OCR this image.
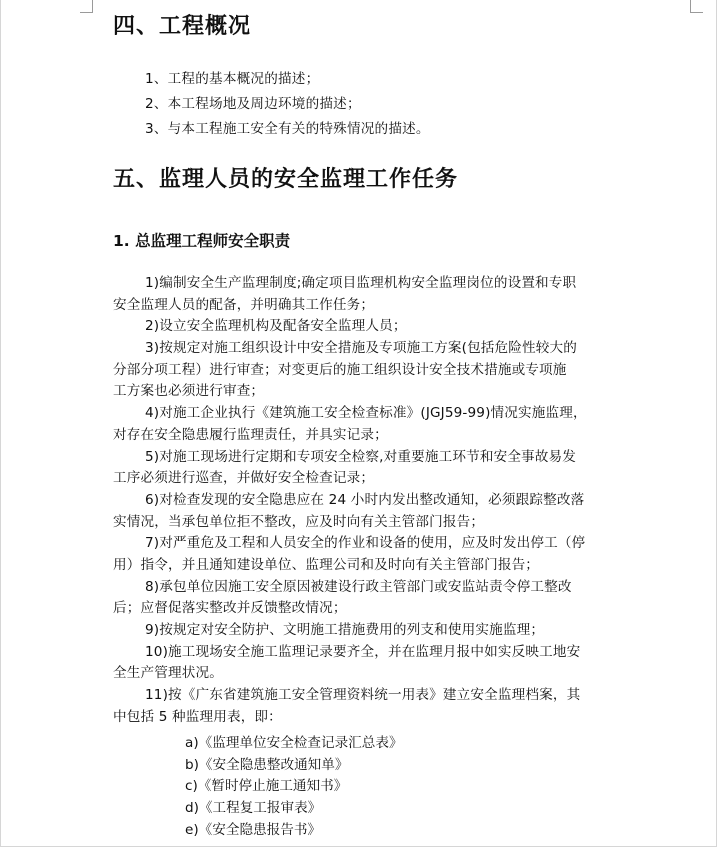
四、工程概况
1、工程的基本概况的描述；
2、本工程场地及周边环境的描述；
3、与本工程施工安全有关的特殊情况的描述。
五、监理人员的安全监理工作任务
1. 总监理工程师安全职责
1)编制安全生产监理制度;确定项目监理机构安全监理岗位的设置和专职
安全监理人员的配备，并明确其工作任务；
2)设立安全监理机构及配备安全监理人员；
3)按规定对施工组织设计中安全措施及专项施工方案(包括危险性较大的
分部分项工程）进行审查；对变更后的施工组织设计安全技术措施或专项施
工方案也必须进行审查；
4)对施工企业执行《建筑施工安全检查标准》(JGJ59-99)情况实施监理，
对存在安全隐患履行监理责任，并具实记录；
5)对施工现场进行定期和专项安全检察,对重要施工环节和安全事故易发
工序必须进行巡查，并做好安全检查记录；
6)对检查发现的安全隐患应在 24 小时内发出整改通知，必须跟踪整改落
实情况，当承包单位拒不整改，应及时向有关主管部门报告；
7)对严重危及工程和人员安全的作业和设备的使用，应及时发出停工（停
用）指令，并且通知建设单位、监理公司和及时向有关主管部门报告；
8)承包单位因施工安全原因被建设行政主管部门或安监站责令停工整改
后；应督促落实整改并反馈整改情况；
9)按规定对安全防护、文明施工措施费用的列支和使用实施监理；
10)施工现场安全施工监理记录要齐全，并在监理月报中如实反映工地安
全生产管理状况。
11)按《广东省建筑施工安全管理资料统一用表》建立安全监理档案，其
中包括 5 种监理用表，即：
a)《监理单位安全检查记录汇总表》
b)《安全隐患整改通知单》
c)《暂时停止施工通知书》
d)《工程复工报审表》
e)《安全隐患报告书》
